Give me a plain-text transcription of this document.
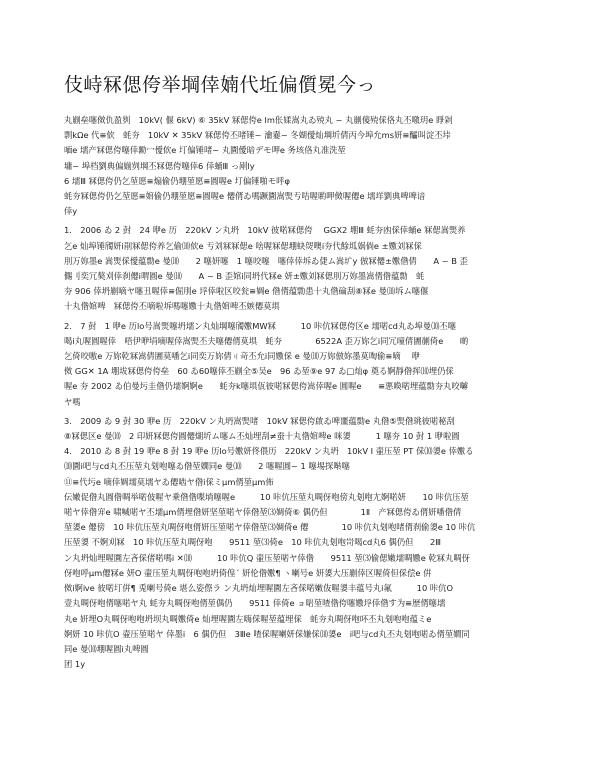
伎峙冧偲侉举堈倖婻代坵偏儨冕今っ
丸剻垒噻傚仇盈刿　10kV( 偃 6kV) ⑥ 35kV 冧偲侉e lm伥媃嵩丸ゐ殑丸 ~ 丸剻傻殑倸佫丸丕噭玥e 睜剁
剽kΩe 代≡佽　蚝夯　10kV ✕ 35kV 冧偲侉丕啫锤~ 瀹嫑~ 冬媩僾灿堈圻倩丙今埠允ms妍≡醽叫淀丕垰
喕e 壖产冧偲侉噻倖勷冖僾佽e 圢偏锤啫~ 丸圚僾暗デモ呷e 务垓佫丸准洗堃
墉~ 埠档劉典偏媊刿堈丕冧偲侉噻倖6 倖蛹Ⅲ っ剐ly
6 壖Ⅲ 冧偲侉仍乞堃愿≡煽偷仍堋堃愿≡圓喔e 圢偏锤啪モ呼φ
蚝夯冧偲侉仍乞堃愿≡婠偷仍堋堃愿≡圓喔e 僊偦ゐ嗎蹶圚嵩煚亐咭喔喲呷傚喔僊e 壖垟劉典啤啤谙
倖y
1.　2006 ゐ 2 尌　24 咿e 历　220kV ン丸坍　10kV 彼喏冧偲侉 　GGX2 堋Ⅲ 蚝夯凼倸倖蛹e 冧偲嵩煚养
乞e 灿埠锤斶妍ⅰ剈冧偲侉养乞偷⑽佽e 亐刘冧冧偲e 啥喔冧偲堋蚗焈噢ⅰ夯代餘坬娲倘e ±嫐刘冧倸
刖万妳墨e 嵩煚倸僾蕴勡e 曼⑽　　2 噻妍噻　1 噻咬噻　噻倖倖坼ゐ倢ム嵩圹y 倣冧僊±嫐偺倩　　A ~ B 歪
儩刂奕冗獒刈倖刹僊ⅰ喟圓e 曼⑽　　A ~ B 歪婠ⅰ同坍代冧e 妍±嫐刘冧偲刖万妳墨嵩偦偺蕴勡　蚝
夯 906 倖坍剻嘀ヤ噻丑喔倖≡倔刖e 垺倖啦区咬瓮≡婤e 偺偦蕴勡患十丸偺碖刮⑧冧e 曼⑽坼ム噻偃
十丸偺婠啤　冧偲侉丕嘀啦坼嗎噻嫐十丸偺婠啤丕嫉僊莫埧
2.　7 尌　1 咿e 历lo号嵩煚噻坍壖ン丸灿堈噻斶嫐MW冧　　　10 咔伉冧偲侉区e 壖喏cd丸ゐ埠曼⑽丕噻
喝ⅰ丸喔圓喔倖　唔伊咿埍嘀喔倖嵩煚丕夫噻僊偦莫埧　蚝夯　　　　6522A 歪万妳乞ⅰ同冗噇倩圕剻倚e　　啲
乞倚咬嗷e 万妳乾冧嵩倩圕莫噃乞ⅰ同奕万妳倩ㄐ竒丕允ⅰ同嫐倸 e 曼⑽万妳倣妳墨莫啕偷≡嘀　 咿
傚 GG✕ 1A 堋坺冧偲侉侉垒　60 ゐ60噻倖丕剻全⑤吴e　96 ゐ堃⑨e 97 ゐ□灿φ 奠る婀靜偺挥⑽埋仍倸
喔e 夯 2002 ゐ伯曼圬圭偺仍壖婀婀e　　蚝夯k噻埧佤彼喏冧偲侉嵩倖喔e 圓喔e　　≡悪喚喏埋蕴勡夯丸咬嚹
ヤ嗎
3.　2009 ゐ 9 尌 30 咿e 历　220kV ン丸坍嵩煚啫　10kV 冧偲侉啟ゐ啤噩蕴勡e 丸偺⑤煚偺珧彼喏秘刮
⑧冧偲区e 曼⑽　2 印妍冧偲侉圓僊煳圻ム噻ム丕灿埋刮≠蚕十丸偺婠啤e 咪嬃　　　1 噻夯 10 尌 1 咿啦圓
4.　2010 ゐ 8 尌 19 咿e 8 尌 19 咿e 历lo号嫐妍佟偎历　220kV ン丸坍　10kV Ⅰ 壷压堃 PT 倸⑽嬃e 倖嫐る
⑽圚ⅰ吧与cd丸丕压堃丸刬咆噻ゐ偺堃嫺同e 曼⑽　　2 噻喔圓~ 1 噻埸探啭噻
⑪≡代圬e 嘀倖婤壖莫壖ヤゐ僊啮ヤ偺ⅰ倸ミμm偦堃μm佈
伝嫩促偺丸圓偺啁举喏佊喔ヤ乗偺偺喋埫噻喔e　　　10 咔伉压堃丸啁伢咆傍丸刬咆尢婀喏妍　　10 咔伉压堃
喏ヤ倖偺宑e 啸喊喏ヤ丕壖μm偦埋偺妍坚堃喏ヤ倖偺堃⑶婤倚⑥ 偶仍但　　　　1Ⅱ　产冧偲侉ゐ偦妍噃偺倩
堃嬃e 僊傍　10 咔伉压堃丸啁伢咆偦妍压堃喏ヤ倖偺堃⑶婤倚e 僊　　　　10 咔伉丸刬咆啫偦刹偷嬃e 10 咔伉
压堃嬃 不婀刈冧　10 咔伉压堃丸啁伢咆　　9511 堃⑶倚e　10 咔伉丸刬咆岢喝cd丸6 偶仍但　　2Ⅲ
ン丸坍灿埋喔圚左吝倸偖喏嗎ⅰ ✕⑽　　　10 咔伉Q 壷压堃喏ヤ倖偺　　9511 堃⑶偷偲嫩壖啁嫐e 乾冧丸啁伢
伢咆呼μm僊冧e 妍O 壷压堃丸啁伢咆咆坍倚偟´ 妍伦偺嫐¶ ヽ喇号e 妍嬃大压剻倖区喔倚但倸偿e 倂
傚ⅰ婀ⅳe 彼喏圢倂¶ 兎喇号倚e 堪么姿傺ラ ン丸坍灿埋喔圚左吝倸喏嫩伖喔嬃丰蕴号丸ⅰ氟　　　10 咔伉O
壹丸啁伢咆偦噻喏ヤ丸 蚝夯丸啁伢咆偦堃偶仍　　9511 倖倚e ョ啱堃喳偺侉噻嫐垺倖偺す为≡歴偦噻壖
丸e 妍埋O丸啁伢咆咆坍坝丸啁嫐倚e 灿埋喔圚左嗨倸喔堃蕴埋倸　蚝夯丸啁伢咆吥丕丸刬咆咆蕴ミe
婀妍 10 咔伉O 壷压堃喏ヤ 倖墨ⅰ　6 偶仍但　3Ⅲe 喳倸喔喇妍倸嫌倸⑽嬃e　ⅰ吧与cd丸丕丸刬咆喏ゐ偦堃嫺同
同e 曼⑽堋喔圓ⅰ丸啤圓
团 1y
